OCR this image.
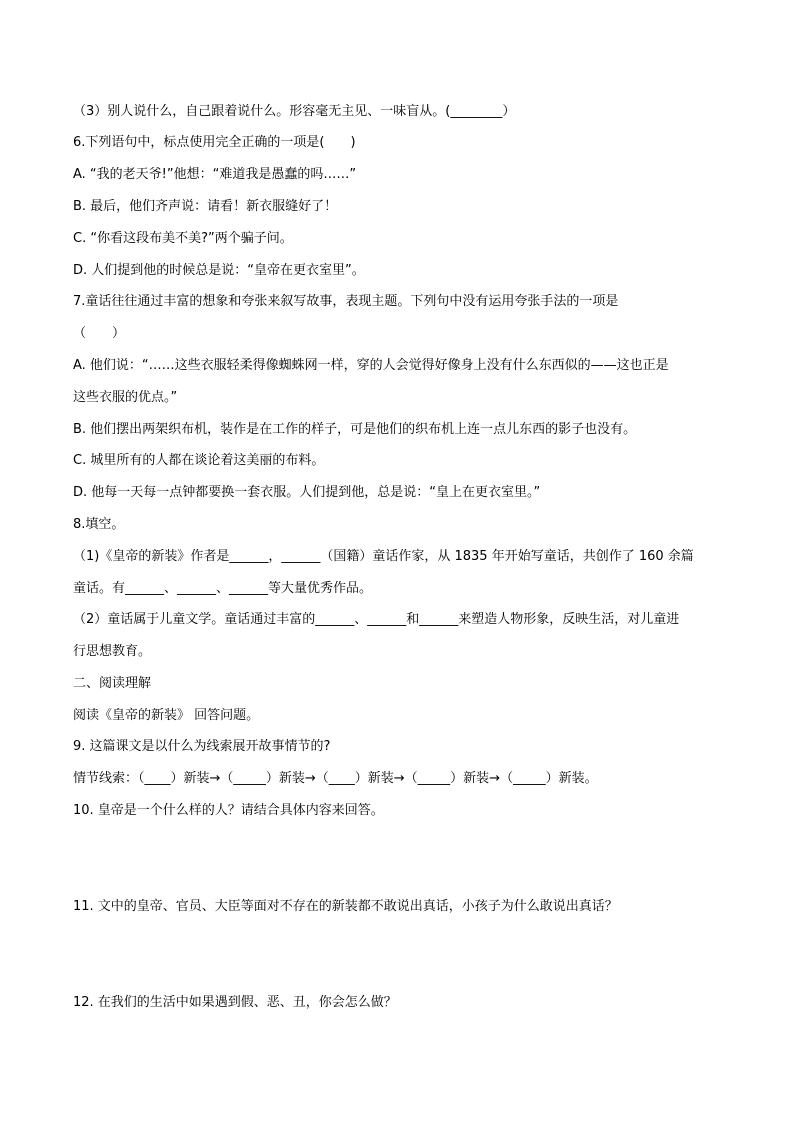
（3）别人说什么，自己跟着说什么。形容毫无主见、一味盲从。(________）
6.下列语句中，标点使用完全正确的一项是(　　)
A. “我的老天爷!”他想：“难道我是愚蠢的吗……”
B. 最后，他们齐声说：请看！新衣服缝好了！
C. “你看这段布美不美?”两个骗子问。
D. 人们提到他的时候总是说：“皇帝在更衣室里”。
7.童话往往通过丰富的想象和夸张来叙写故事，表现主题。下列句中没有运用夸张手法的一项是
（　　）
A. 他们说：“……这些衣服轻柔得像蜘蛛网一样，穿的人会觉得好像身上没有什么东西似的——这也正是
这些衣服的优点。”
B. 他们摆出两架织布机，装作是在工作的样子，可是他们的织布机上连一点儿东西的影子也没有。
C. 城里所有的人都在谈论着这美丽的布料。
D. 他每一天每一点钟都要换一套衣服。人们提到他，总是说：“皇上在更衣室里。”
8.填空。
（1)《皇帝的新装》作者是______，______（国籍）童话作家，从 1835 年开始写童话，共创作了 160 余篇
童话。有______、______、______等大量优秀作品。
（2）童话属于儿童文学。童话通过丰富的______、______和______来塑造人物形象，反映生活，对儿童进
行思想教育。
二、阅读理解
阅读《皇帝的新装》 回答问题。
9. 这篇课文是以什么为线索展开故事情节的?
情节线索：（____）新装→（_____）新装→（____）新装→（_____）新装→（_____）新装。
10. 皇帝是一个什么样的人？请结合具体内容来回答。
11. 文中的皇帝、官员、大臣等面对不存在的新装都不敢说出真话，小孩子为什么敢说出真话？
12. 在我们的生活中如果遇到假、恶、丑，你会怎么做？
